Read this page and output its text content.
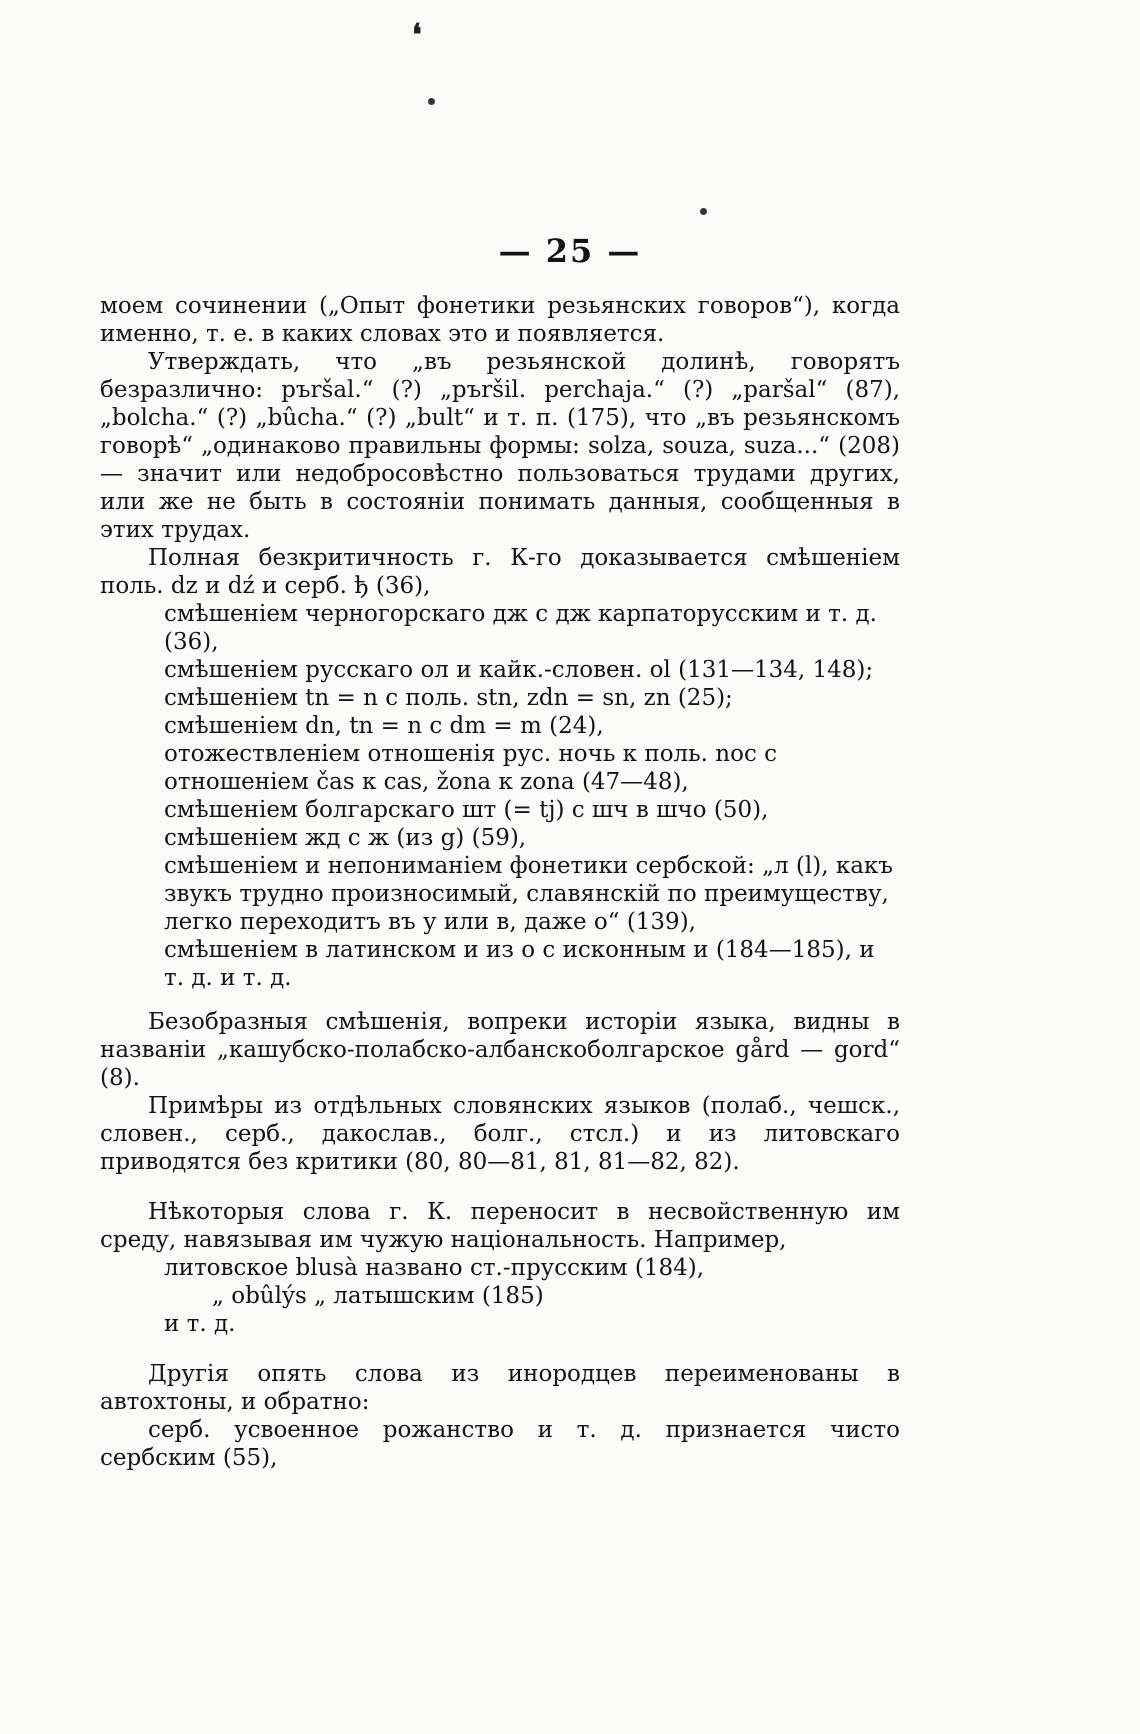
❛
— 25 —

моем сочинении („Опыт фонетики резьянских говоров“), когда именно, т. е. в каких словах это и появляется.

Утверждать, что „въ резьянской долинѣ, говорятъ безразлично: pъršal.“ (?) „pъršil. perchaja.“ (?) „paršal“ (87), „bolcha.“ (?) „bûcha.“ (?) „bult“ и т. п. (175), что „въ резьянскомъ говорѣ“ „одинаково правильны формы: solza, souza, suza...“ (208) — значит или недобросовѣстно пользоваться трудами других, или же не быть в состояніи понимать данныя, сообщенныя в этих трудах.

Полная безкритичность г. К-го доказывается смѣшеніем поль. dz и dź и серб. ђ (36),

смѣшеніем черногорскаго дж с дж карпаторусским и т. д. (36),

смѣшеніем русскаго ол и кайк.-словен. ol (131—134, 148);

смѣшеніем tn = n с поль. stn, zdn = sn, zn (25);

смѣшеніем dn, tn = n с dm = m (24),

отожествленіем отношенія рус. ночь к поль. noc с отношеніем čas к cas, žona к zona (47—48),

смѣшеніем болгарскаго шт (= tj) с шч в шчо (50),

смѣшеніем жд с ж (из g) (59),

смѣшеніем и непониманіем фонетики сербской: „л (l), какъ звукъ трудно произносимый, славянскій по преимуществу, легко переходитъ въ у или в, даже о“ (139),

смѣшеніем в латинском и из о с исконным и (184—185), и т. д. и т. д.

Безобразныя смѣшенія, вопреки исторіи языка, видны в названіи „кашубско-полабско-албанскоболгарское gård — gord“ (8).

Примѣры из отдѣльных словянских языков (полаб., чешск., словен., серб., дакослав., болг., стсл.) и из литовскаго приводятся без критики (80, 80—81, 81, 81—82, 82).

Нѣкоторыя слова г. К. переносит в несвойственную им среду, навязывая им чужую національность. Например,

литовское blusà названо ст.-прусским (184),

„ obûlýs „ латышским (185)

и т. д.

Другія опять слова из инородцев переименованы в автохтоны, и обратно:

серб. усвоенное рожанство и т. д. признается чисто сербским (55),
